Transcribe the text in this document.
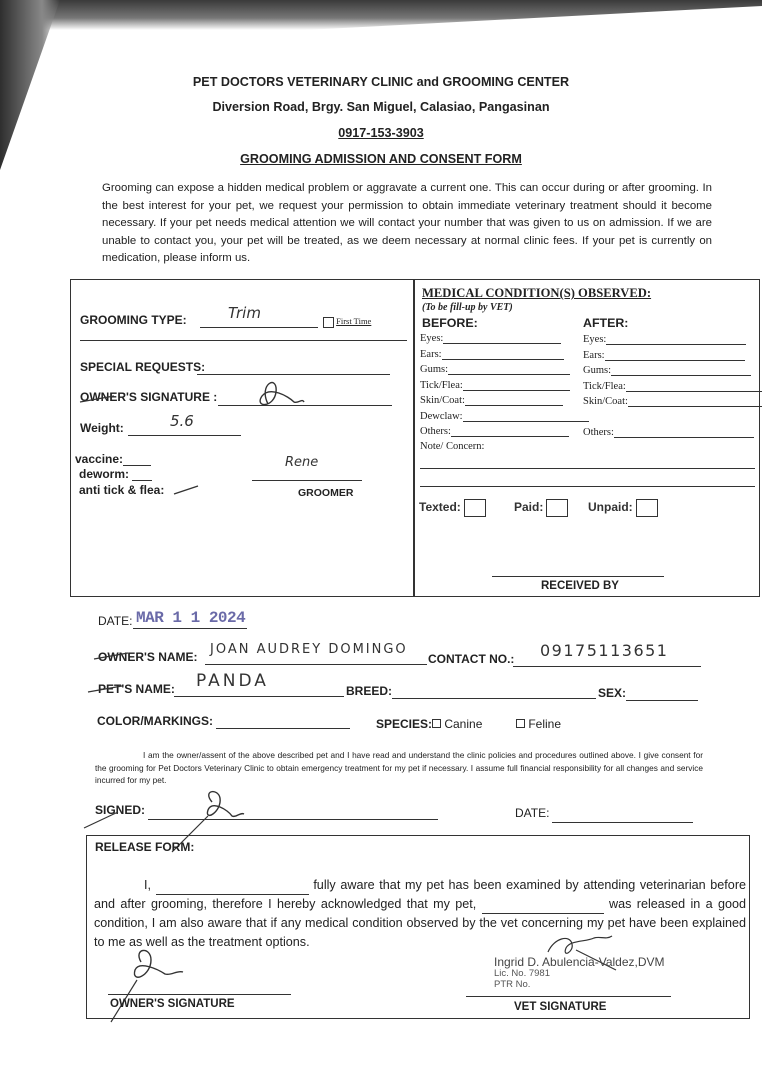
PET DOCTORS VETERINARY CLINIC and GROOMING CENTER
Diversion Road, Brgy. San Miguel, Calasiao, Pangasinan
0917-153-3903
GROOMING ADMISSION AND CONSENT FORM
Grooming can expose a hidden medical problem or aggravate a current one. This can occur during or after grooming. In the best interest for your pet, we request your permission to obtain immediate veterinary treatment should it become necessary. If your pet needs medical attention we will contact your number that was given to us on admission. If we are unable to contact you, your pet will be treated, as we deem necessary at normal clinic fees. If your pet is currently on medication, please inform us.
GROOMING TYPE:	Trim	First Time
SPECIAL REQUESTS:
OWNER'S SIGNATURE :
Weight:	5.6
vaccine:
deworm:
anti tick & flea:
Rene
GROOMER
MEDICAL CONDITION(S) OBSERVED:
(To be fill-up by VET)
BEFORE:	AFTER:
Eyes:
Ears:
Gums:
Tick/Flea:
Skin/Coat:
Dewclaw:
Others:
Eyes:
Ears:
Gums:
Tick/Flea:
Skin/Coat:
Others:
Note/ Concern:
Texted:	Paid:	Unpaid:
RECEIVED BY
DATE: MAR 1 1 2024
OWNER'S NAME: JOAN AUDREY DOMINGO
CONTACT NO.: 09175113651
PET'S NAME: PANDA	BREED:	SEX:
COLOR/MARKINGS:	SPECIES:	Canine	Feline
I am the owner/assent of the above described pet and I have read and understand the clinic policies and procedures outlined above. I give consent for the grooming for Pet Doctors Veterinary Clinic to obtain emergency treatment for my pet if necessary. I assume full financial responsibility for all changes and service incurred for my pet.
SIGNED:	DATE:
RELEASE FORM:
I,	fully aware that my pet has been examined by attending veterinarian before and after grooming, therefore I hereby acknowledged that my pet,	was released in a good condition, I am also aware that if any medical condition observed by the vet concerning my pet have been explained to me as well as the treatment options.
OWNER'S SIGNATURE
Ingrid D. Abulencia-Valdez,DVM
Lic. No. 7981
PTR No.
VET SIGNATURE
